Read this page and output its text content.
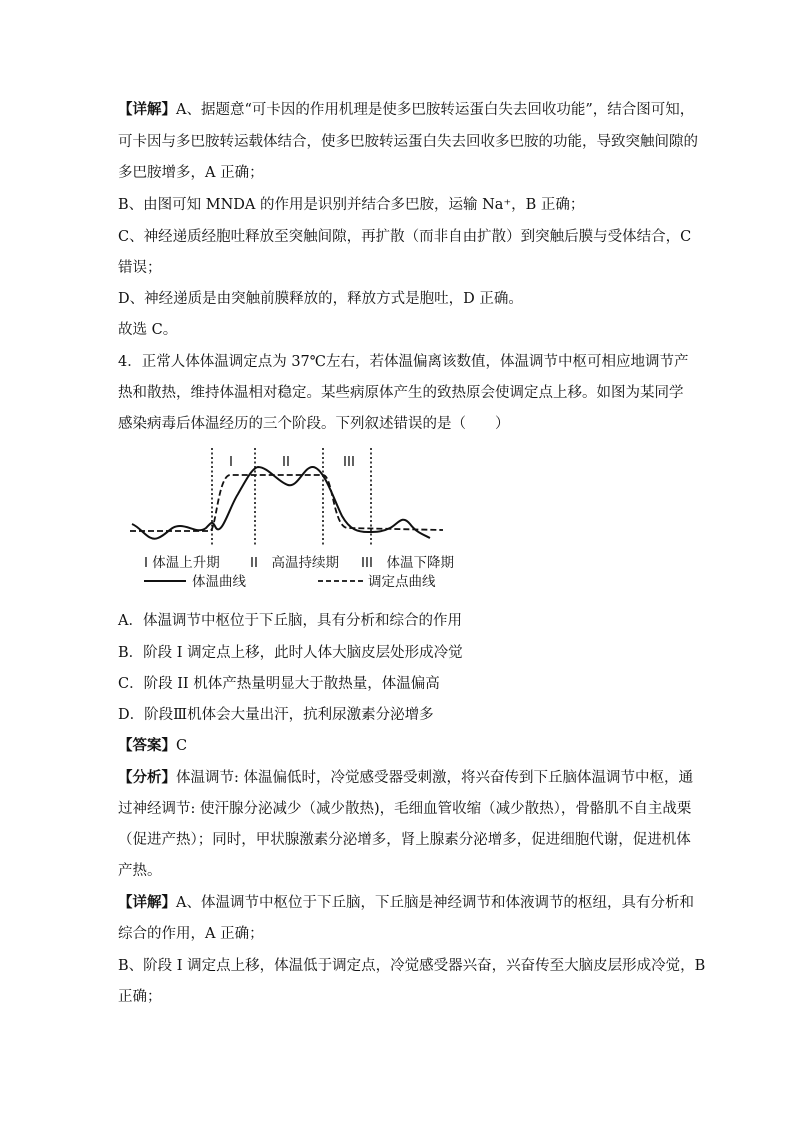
【详解】A、据题意“可卡因的作用机理是使多巴胺转运蛋白失去回收功能”，结合图可知，
可卡因与多巴胺转运载体结合，使多巴胺转运蛋白失去回收多巴胺的功能，导致突触间隙的
多巴胺增多，A 正确；
B、由图可知 MNDA 的作用是识别并结合多巴胺，运输 Na⁺，B 正确；
C、神经递质经胞吐释放至突触间隙，再扩散（而非自由扩散）到突触后膜与受体结合，C
错误；
D、神经递质是由突触前膜释放的，释放方式是胞吐，D 正确。
故选 C。
4．正常人体体温调定点为 37℃左右，若体温偏离该数值，体温调节中枢可相应地调节产
热和散热，维持体温相对稳定。某些病原体产生的致热原会使调定点上移。如图为某同学
感染病毒后体温经历的三个阶段。下列叙述错误的是（　　）
I	II	III
I 体温上升期 II　高温持续期 III　体温下降期
体温曲线	调定点曲线
A．体温调节中枢位于下丘脑，具有分析和综合的作用
B．阶段 I 调定点上移，此时人体大脑皮层处形成冷觉
C．阶段 II 机体产热量明显大于散热量，体温偏高
D．阶段Ⅲ机体会大量出汗，抗利尿激素分泌增多
【答案】C
【分析】体温调节: 体温偏低时，冷觉感受器受刺激，将兴奋传到下丘脑体温调节中枢，通
过神经调节: 使汗腺分泌减少（减少散热)，毛细血管收缩（减少散热），骨骼肌不自主战栗
（促进产热）；同时，甲状腺激素分泌增多，肾上腺素分泌增多，促进细胞代谢，促进机体
产热。
【详解】A、体温调节中枢位于下丘脑，下丘脑是神经调节和体液调节的枢纽，具有分析和
综合的作用，A 正确；
B、阶段 I 调定点上移，体温低于调定点，冷觉感受器兴奋，兴奋传至大脑皮层形成冷觉，B
正确；
